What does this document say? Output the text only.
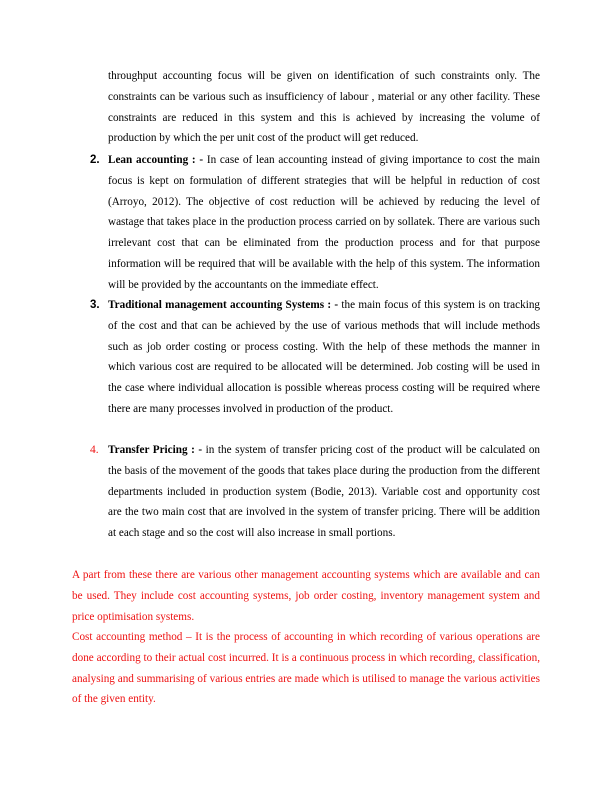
throughput accounting focus will be given on identification of such constraints only. The constraints can be various such as insufficiency of labour , material or any other facility. These constraints are reduced in this system and this is achieved by increasing the volume of production by which the per unit cost of the product will get reduced.
2. Lean accounting : - In case of lean accounting instead of giving importance to cost the main focus is kept on formulation of different strategies that will be helpful in reduction of cost (Arroyo, 2012). The objective of cost reduction will be achieved by reducing the level of wastage that takes place in the production process carried on by sollatek. There are various such irrelevant cost that can be eliminated from the production process and for that purpose information will be required that will be available with the help of this system. The information will be provided by the accountants on the immediate effect.
3. Traditional management accounting Systems : - the main focus of this system is on tracking of the cost and that can be achieved by the use of various methods that will include methods such as job order costing or process costing. With the help of these methods the manner in which various cost are required to be allocated will be determined. Job costing will be used in the case where individual allocation is possible whereas process costing will be required where there are many processes involved in production of the product.
4. Transfer Pricing : - in the system of transfer pricing cost of the product will be calculated on the basis of the movement of the goods that takes place during the production from the different departments included in production system (Bodie, 2013). Variable cost and opportunity cost are the two main cost that are involved in the system of transfer pricing. There will be addition at each stage and so the cost will also increase in small portions.
A part from these there are various other management accounting systems which are available and can be used. They include cost accounting systems, job order costing, inventory management system and price optimisation systems.
Cost accounting method – It is the process of accounting in which recording of various operations are done according to their actual cost incurred. It is a continuous process in which recording, classification, analysing and summarising of various entries are made which is utilised to manage the various activities of the given entity.
